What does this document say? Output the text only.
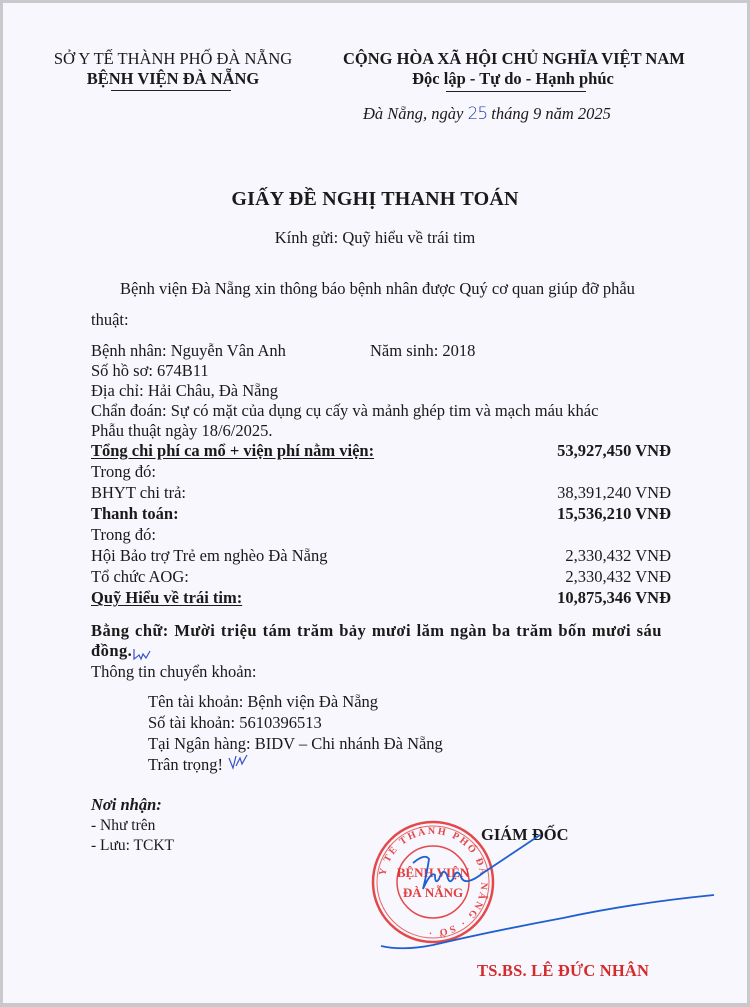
SỞ Y TẾ THÀNH PHỐ ĐÀ NẴNG
BỆNH VIỆN ĐÀ NẴNG
CỘNG HÒA XÃ HỘI CHỦ NGHĨA VIỆT NAM
Độc lập - Tự do - Hạnh phúc
Đà Nẵng, ngày 25 tháng 9 năm 2025
GIẤY ĐỀ NGHỊ THANH TOÁN
Kính gửi: Quỹ hiểu về trái tim
Bệnh viện Đà Nẵng xin thông báo bệnh nhân được Quý cơ quan giúp đỡ phẫu
thuật:
Bệnh nhân: Nguyễn Vân Anh	Năm sinh: 2018
Số hồ sơ: 674B11
Địa chỉ: Hải Châu, Đà Nẵng
Chẩn đoán: Sự có mặt của dụng cụ cấy và mảnh ghép tim và mạch máu khác
Phẫu thuật ngày 18/6/2025.
Tổng chi phí ca mổ + viện phí nằm viện:	53,927,450 VNĐ
Trong đó:
BHYT chi trả:	38,391,240 VNĐ
Thanh toán:	15,536,210 VNĐ
Trong đó:
Hội Bảo trợ Trẻ em nghèo Đà Nẵng	2,330,432 VNĐ
Tổ chức AOG:	2,330,432 VNĐ
Quỹ Hiểu về trái tim:	10,875,346 VNĐ
Bằng chữ: Mười triệu tám trăm bảy mươi lăm ngàn ba trăm bốn mươi sáu đồng.
Thông tin chuyển khoản:
Tên tài khoản: Bệnh viện Đà Nẵng
Số tài khoản: 5610396513
Tại Ngân hàng: BIDV – Chi nhánh Đà Nẵng
Trân trọng!
Nơi nhận:
- Như trên
- Lưu: TCKT
GIÁM ĐỐC
Y TẾ THÀNH PHỐ ĐÀ NẴNG · SỞ ·
BỆNH VIỆN
ĐÀ NẴNG
TS.BS. LÊ ĐỨC NHÂN
